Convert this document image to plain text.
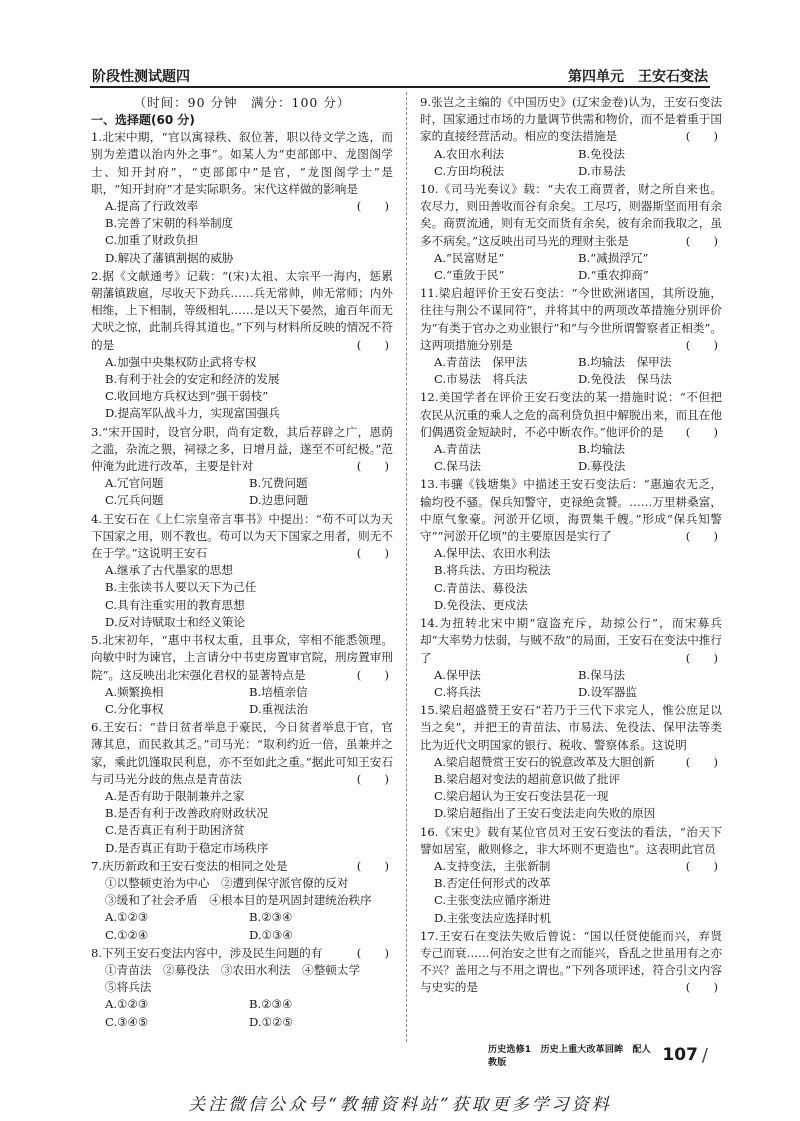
阶段性测试题四	第四单元　王安石变法
（时间：90 分钟　满分：100 分）
一、选择题(60 分)
1.北宋中期，“官以寓禄秩、叙位著，职以待文学之选，而别为差遣以治内外之事”。如某人为“吏部郎中、龙图阁学士、知开封府”，“吏部郎中”是官，“龙图阁学士”是职，“知开封府”才是实际职务。宋代这样做的影响是
(　　)
A.提高了行政效率
B.完善了宋朝的科举制度
C.加重了财政负担
D.解决了藩镇割据的威胁
2.据《文献通考》记载：“(宋)太祖、太宗平一海内，惩累朝藩镇跋扈，尽收天下劲兵……兵无常帅，帅无常师；内外相维，上下相制，等级相轧……是以天下晏然，逾百年而无犬吠之惊，此制兵得其道也。”下列与材料所反映的情况不符的是	(　　)
A.加强中央集权防止武将专权
B.有利于社会的安定和经济的发展
C.收回地方兵权达到“强干弱枝”
D.提高军队战斗力，实现富国强兵
3.“宋开国时，设官分职，尚有定数，其后荐辟之广，恩荫之滥，杂流之猥，祠禄之多，日增月益，遂至不可纪极。”范仲淹为此进行改革，主要是针对	(　　)
A.冗官问题	B.冗费问题
C.冗兵问题	D.边患问题
4.王安石在《上仁宗皇帝言事书》中提出：“苟不可以为天下国家之用，则不教也。苟可以为天下国家之用者，则无不在于学。”这说明王安石	(　　)
A.继承了古代墨家的思想
B.主张读书人要以天下为己任
C.具有注重实用的教育思想
D.反对诗赋取士和经义策论
5.北宋初年，“惠中书权太重，且事众，宰相不能悉领理。向敏中时为谏官，上言请分中书吏房置审官院，刑房置审刑院”。这反映出北宋强化君权的显著特点是	(　　)
A.频繁换相	B.培植亲信
C.分化事权	D.重视法治
6.王安石：“昔日贫者举息于豪民，今日贫者举息于官，官薄其息，而民救其乏。”司马光：“取利约近一倍，虽兼并之家，乘此饥馑取民利息，亦不至如此之重。”据此可知王安石与司马光分歧的焦点是青苗法	(　　)
A.是否有助于限制兼并之家
B.是否有利于改善政府财政状况
C.是否真正有利于助困济贫
D.是否真正有助于稳定市场秩序
7.庆历新政和王安石变法的相同之处是	(　　)
①以整顿吏治为中心　②遭到保守派官僚的反对
③缓和了社会矛盾　④根本目的是巩固封建统治秩序
A.①②③	B.②③④
C.①②④	D.①③④
8.下列王安石变法内容中，涉及民生问题的有	(　　)
①青苗法　②募役法　③农田水利法　④整顿太学
⑤将兵法
A.①②③	B.②③④
C.③④⑤	D.①②⑤
9.张岂之主编的《中国历史》(辽宋金卷)认为，王安石变法时，国家通过市场的力量调节供需和物价，而不是着重于国家的直接经营活动。相应的变法措施是	(　　)
A.农田水利法	B.免役法
C.方田均税法	D.市易法
10.《司马光奏议》载：“夫农工商贾者，财之所自来也。农尽力，则田善收而谷有余矣。工尽巧，则器斯坚而用有余矣。商贾流通，则有无交而货有余矣，彼有余而我取之，虽多不病矣。”这反映出司马光的理财主张是	(　　)
A.“民富财足”	B.“减损浮冗”
C.“重敛于民”	D.“重农抑商”
11.梁启超评价王安石变法：“今世欧洲诸国，其所设施，往往与荆公不谋同符”，并将其中的两项改革措施分别评价为“有类于官办之劝业银行”和“与今世所谓警察者正相类”。这两项措施分别是	(　　)
A.青苗法　保甲法	B.均输法　保甲法
C.市易法　将兵法	D.免役法　保马法
12.美国学者在评价王安石变法的某一措施时说：“不但把农民从沉重的乘人之危的高利贷负担中解脱出来，而且在他们偶遇资金短缺时，不必中断农作。”他评价的是 (　　)
A.青苗法	B.均输法
C.保马法	D.募役法
13.韦骧《钱塘集》中描述王安石变法后：“惠遍农无乏，输均役不骚。保兵知警守，吏禄绝贪饕。……万里耕桑富，中原气象豪。河淤开亿顷，海贾集千艘。”形成“保兵知警守”“河淤开亿顷”的主要原因是实行了	(　　)
A.保甲法、农田水利法
B.将兵法、方田均税法
C.青苗法、募役法
D.免役法、更戍法
14.为扭转北宋中期“寇盗充斥，劫掠公行”，而宋募兵却“大率势力怯弱，与贼不敌”的局面，王安石在变法中推行了	(　　)
A.保甲法	B.保马法
C.将兵法	D.设军器监
15.梁启超盛赞王安石“若乃于三代下求完人，惟公庶足以当之矣”，并把王的青苗法、市易法、免役法、保甲法等类比为近代文明国家的银行、税收、警察体系。这说明
(　　)
A.梁启超赞赏王安石的锐意改革及大胆创新
B.梁启超对变法的超前意识做了批评
C.梁启超认为王安石变法昙花一现
D.梁启超指出了王安石变法走向失败的原因
16.《宋史》载有某位官员对王安石变法的看法，“治天下譬如居室，敝则修之，非大坏则不更造也”。这表明此官员
(　　)
A.支持变法，主张新制
B.否定任何形式的改革
C.主张变法应循序渐进
D.主张变法应选择时机
17.王安石在变法失败后曾说：“国以任贤使能而兴，弃贤专己而衰……何治安之世有之而能兴，昏乱之世虽用有之亦不兴？盖用之与不用之谓也。”下列各项评述，符合引文内容与史实的是	(　　)
历史选修1　历史上重大改革回眸　配人教版	107 /
关注微信公众号“教辅资料站”获取更多学习资料
